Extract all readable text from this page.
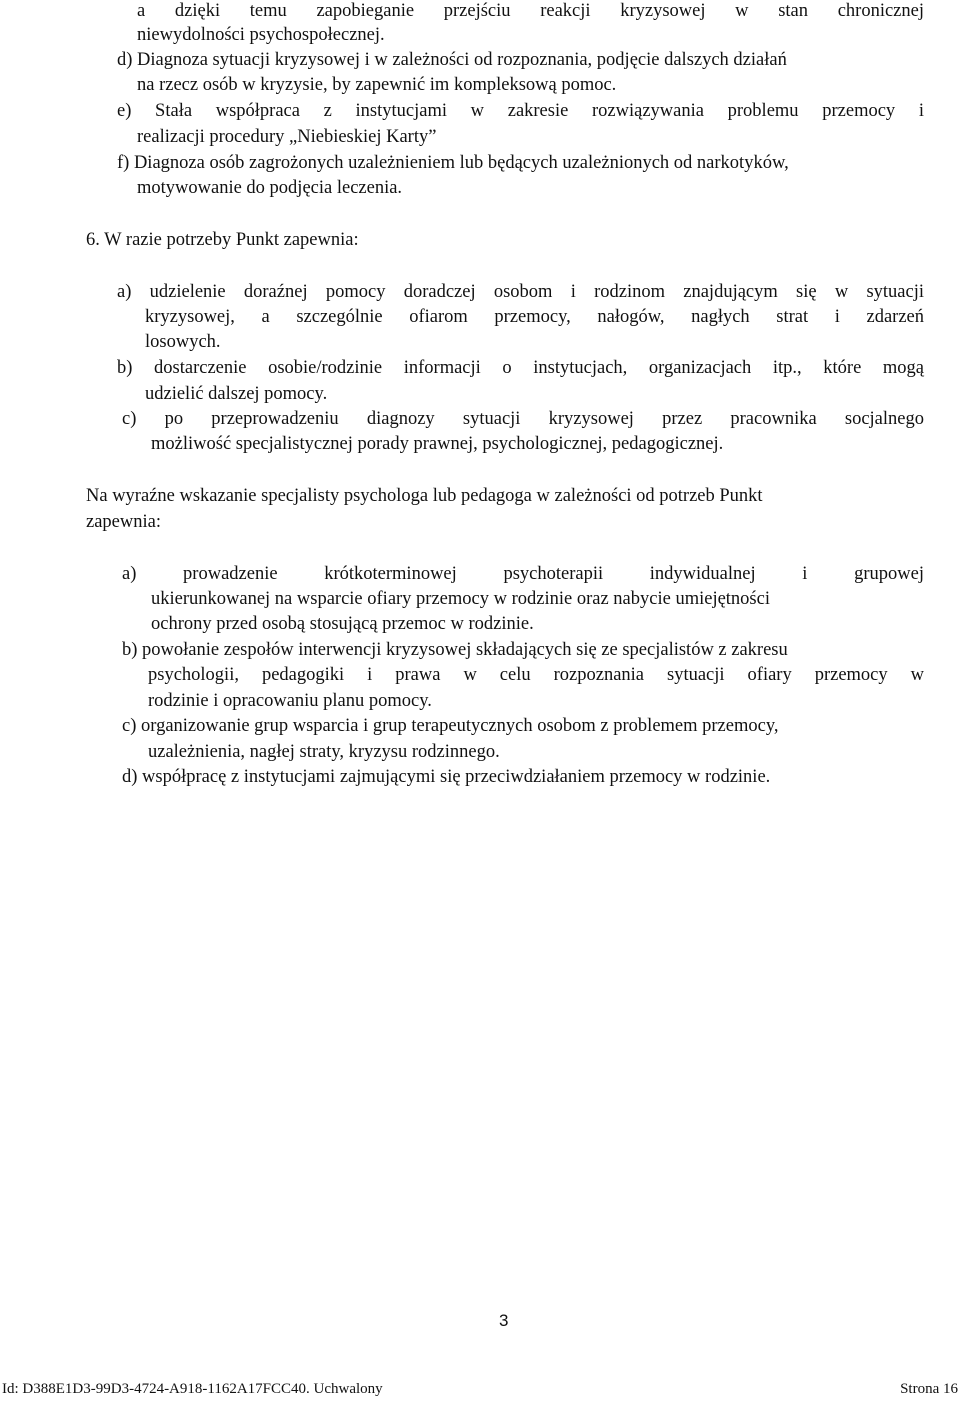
a dzięki temu zapobieganie przejściu reakcji kryzysowej w stan chronicznej
niewydolności psychospołecznej.
d) Diagnoza sytuacji kryzysowej i w zależności od rozpoznania, podjęcie dalszych działań
na rzecz osób w kryzysie, by zapewnić im kompleksową pomoc.
e) Stała współpraca z instytucjami w zakresie rozwiązywania problemu przemocy i
realizacji procedury „Niebieskiej Karty”
f) Diagnoza osób zagrożonych uzależnieniem lub będących uzależnionych od narkotyków,
motywowanie do podjęcia leczenia.
6. W razie potrzeby Punkt zapewnia:
a) udzielenie doraźnej pomocy doradczej osobom i rodzinom znajdującym się w sytuacji
kryzysowej, a szczególnie ofiarom przemocy, nałogów, nagłych strat i zdarzeń
losowych.
b) dostarczenie osobie/rodzinie informacji o instytucjach, organizacjach itp., które mogą
udzielić dalszej pomocy.
c) po przeprowadzeniu diagnozy sytuacji kryzysowej przez pracownika socjalnego
możliwość specjalistycznej porady prawnej, psychologicznej, pedagogicznej.
Na wyraźne wskazanie specjalisty psychologa lub pedagoga w zależności od potrzeb Punkt
zapewnia:
a) prowadzenie krótkoterminowej psychoterapii indywidualnej i grupowej
ukierunkowanej na wsparcie ofiary przemocy w rodzinie oraz nabycie umiejętności
ochrony przed osobą stosującą przemoc w rodzinie.
b) powołanie zespołów interwencji kryzysowej składających się ze specjalistów z zakresu
psychologii, pedagogiki i prawa w celu rozpoznania sytuacji ofiary przemocy w
rodzinie i opracowaniu planu pomocy.
c) organizowanie grup wsparcia i grup terapeutycznych osobom z problemem przemocy,
uzależnienia, nagłej straty, kryzysu rodzinnego.
d) współpracę z instytucjami zajmującymi się przeciwdziałaniem przemocy w rodzinie.
3
Id: D388E1D3-99D3-4724-A918-1162A17FCC40. Uchwalony	Strona 16
